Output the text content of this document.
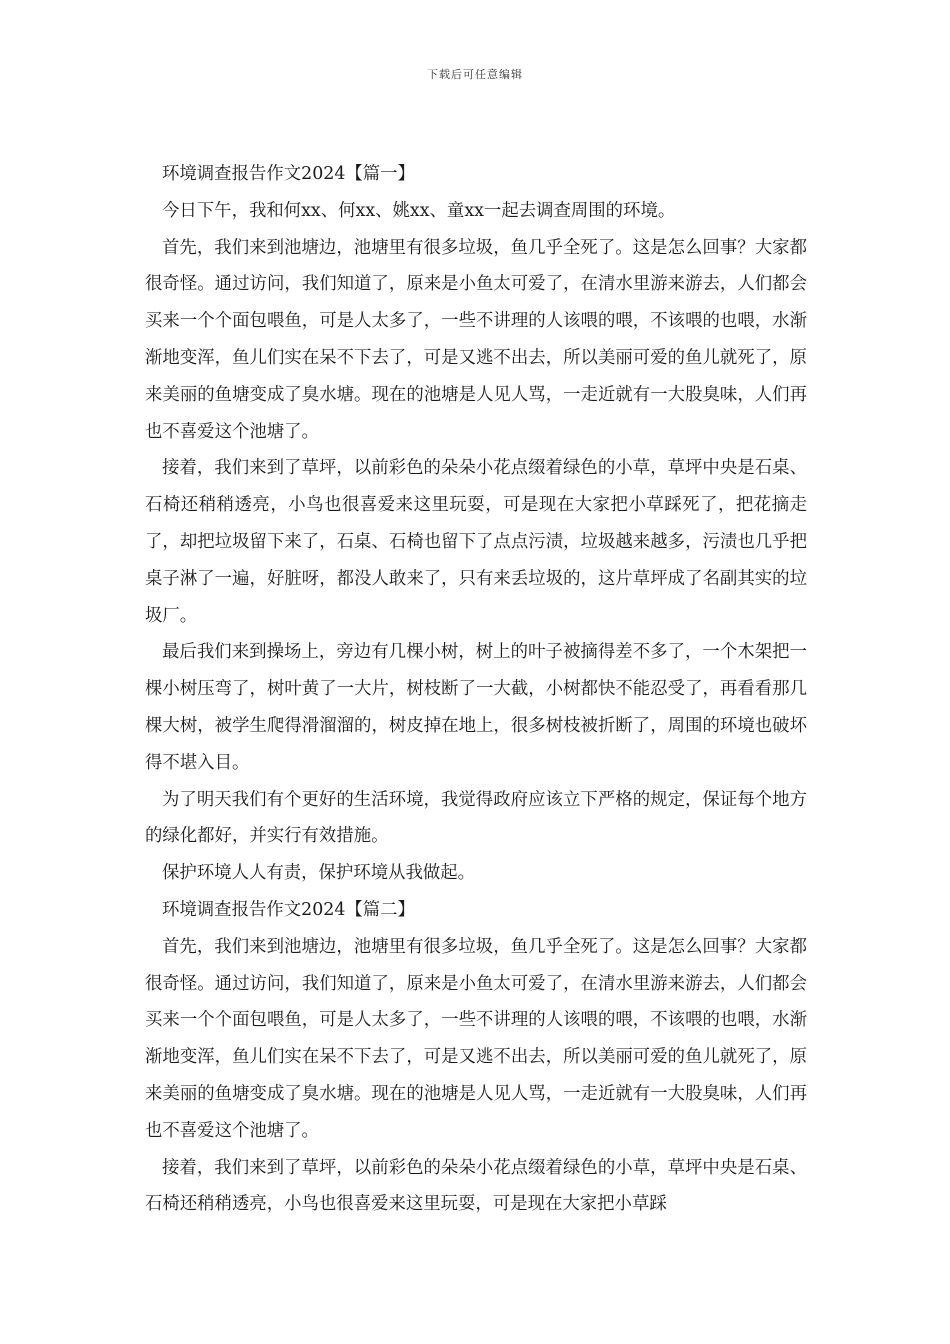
下载后可任意编辑

环境调查报告作文2024【篇一】

今日下午，我和何xx、何xx、姚xx、童xx一起去调查周围的环境。

首先，我们来到池塘边，池塘里有很多垃圾，鱼几乎全死了。这是怎么回事？大家都很奇怪。通过访问，我们知道了，原来是小鱼太可爱了，在清水里游来游去，人们都会买来一个个面包喂鱼，可是人太多了，一些不讲理的人该喂的喂，不该喂的也喂，水渐渐地变浑，鱼儿们实在呆不下去了，可是又逃不出去，所以美丽可爱的鱼儿就死了，原来美丽的鱼塘变成了臭水塘。现在的池塘是人见人骂，一走近就有一大股臭味，人们再也不喜爱这个池塘了。

接着，我们来到了草坪，以前彩色的朵朵小花点缀着绿色的小草，草坪中央是石桌、石椅还稍稍透亮，小鸟也很喜爱来这里玩耍，可是现在大家把小草踩死了，把花摘走了，却把垃圾留下来了，石桌、石椅也留下了点点污渍，垃圾越来越多，污渍也几乎把桌子淋了一遍，好脏呀，都没人敢来了，只有来丢垃圾的，这片草坪成了名副其实的垃圾厂。

最后我们来到操场上，旁边有几棵小树，树上的叶子被摘得差不多了，一个木架把一棵小树压弯了，树叶黄了一大片，树枝断了一大截，小树都快不能忍受了，再看看那几棵大树，被学生爬得滑溜溜的，树皮掉在地上，很多树枝被折断了，周围的环境也破坏得不堪入目。

为了明天我们有个更好的生活环境，我觉得政府应该立下严格的规定，保证每个地方的绿化都好，并实行有效措施。

保护环境人人有责，保护环境从我做起。

环境调查报告作文2024【篇二】

首先，我们来到池塘边，池塘里有很多垃圾，鱼几乎全死了。这是怎么回事？大家都很奇怪。通过访问，我们知道了，原来是小鱼太可爱了，在清水里游来游去，人们都会买来一个个面包喂鱼，可是人太多了，一些不讲理的人该喂的喂，不该喂的也喂，水渐渐地变浑，鱼儿们实在呆不下去了，可是又逃不出去，所以美丽可爱的鱼儿就死了，原来美丽的鱼塘变成了臭水塘。现在的池塘是人见人骂，一走近就有一大股臭味，人们再也不喜爱这个池塘了。

接着，我们来到了草坪，以前彩色的朵朵小花点缀着绿色的小草，草坪中央是石桌、石椅还稍稍透亮，小鸟也很喜爱来这里玩耍，可是现在大家把小草踩
